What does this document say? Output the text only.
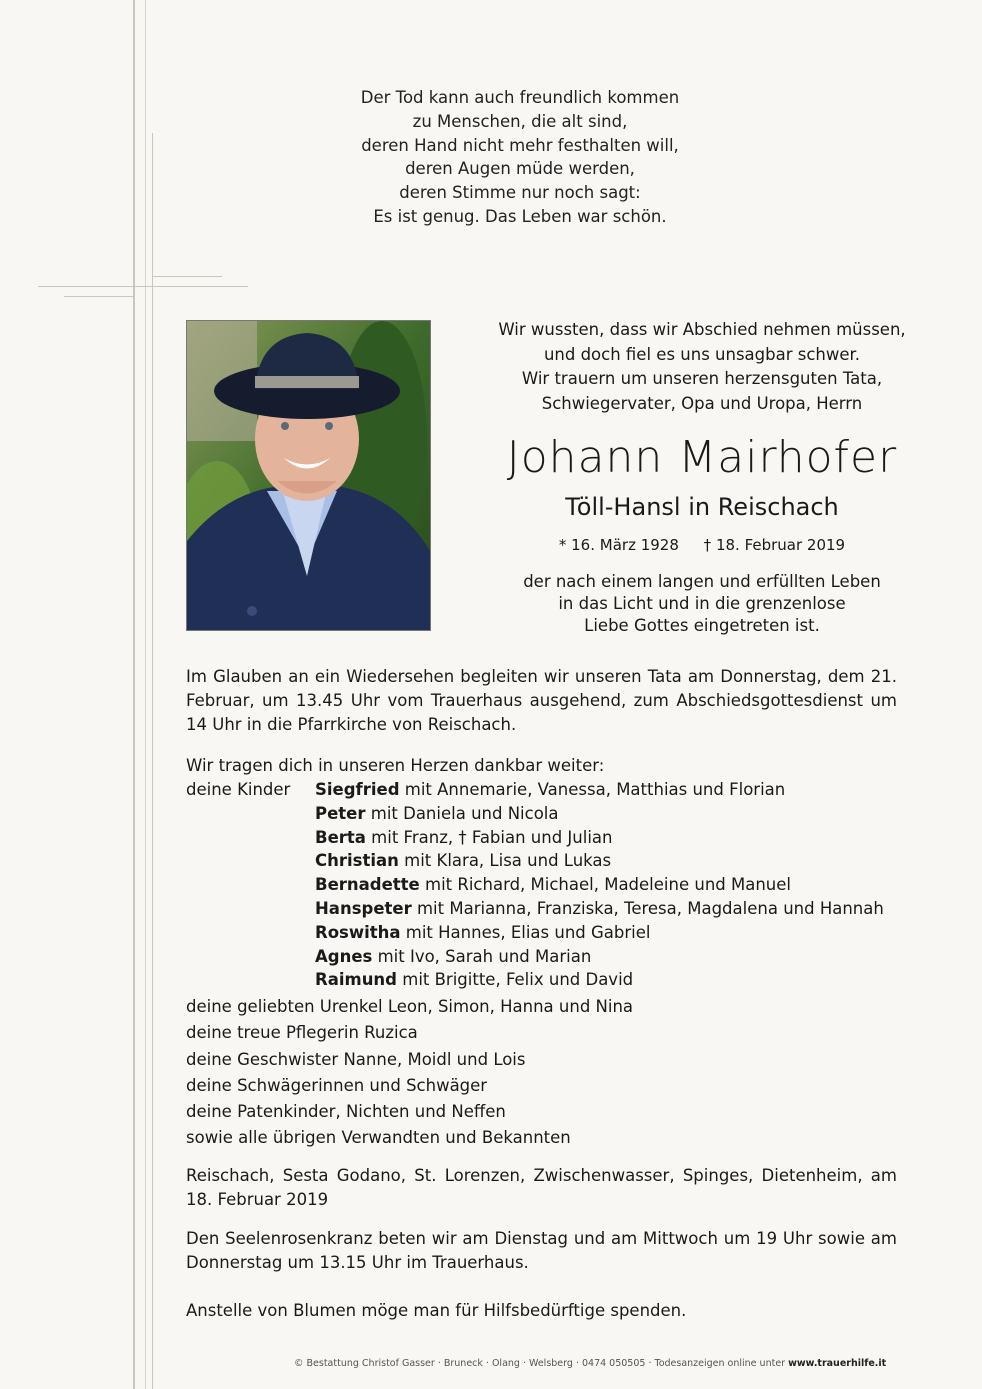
Der Tod kann auch freundlich kommen
zu Menschen, die alt sind,
deren Hand nicht mehr festhalten will,
deren Augen müde werden,
deren Stimme nur noch sagt:
Es ist genug. Das Leben war schön.
Wir wussten, dass wir Abschied nehmen müssen,
und doch fiel es uns unsagbar schwer.
Wir trauern um unseren herzensguten Tata,
Schwiegervater, Opa und Uropa, Herrn
Johann Mairhofer
Töll-Hansl in Reischach
* 16. März 1928 † 18. Februar 2019
der nach einem langen und erfüllten Leben
in das Licht und in die grenzenlose
Liebe Gottes eingetreten ist.
Im Glauben an ein Wiedersehen begleiten wir unseren Tata am Donnerstag, dem 21. Februar, um 13.45 Uhr vom Trauerhaus ausgehend, zum Abschiedsgottesdienst um 14 Uhr in die Pfarrkirche von Reischach.
Wir tragen dich in unseren Herzen dankbar weiter:
deine Kinder Siegfried mit Annemarie, Vanessa, Matthias und Florian
Peter mit Daniela und Nicola
Berta mit Franz, † Fabian und Julian
Christian mit Klara, Lisa und Lukas
Bernadette mit Richard, Michael, Madeleine und Manuel
Hanspeter mit Marianna, Franziska, Teresa, Magdalena und Hannah
Roswitha mit Hannes, Elias und Gabriel
Agnes mit Ivo, Sarah und Marian
Raimund mit Brigitte, Felix und David
deine geliebten Urenkel Leon, Simon, Hanna und Nina
deine treue Pflegerin Ruzica
deine Geschwister Nanne, Moidl und Lois
deine Schwägerinnen und Schwäger
deine Patenkinder, Nichten und Neffen
sowie alle übrigen Verwandten und Bekannten
Reischach, Sesta Godano, St. Lorenzen, Zwischenwasser, Spinges, Dietenheim, am 18. Februar 2019
Den Seelenrosenkranz beten wir am Dienstag und am Mittwoch um 19 Uhr sowie am Donnerstag um 13.15 Uhr im Trauerhaus.
Anstelle von Blumen möge man für Hilfsbedürftige spenden.
© Bestattung Christof Gasser · Bruneck · Olang · Welsberg · 0474 050505 · Todesanzeigen online unter www.trauerhilfe.it
